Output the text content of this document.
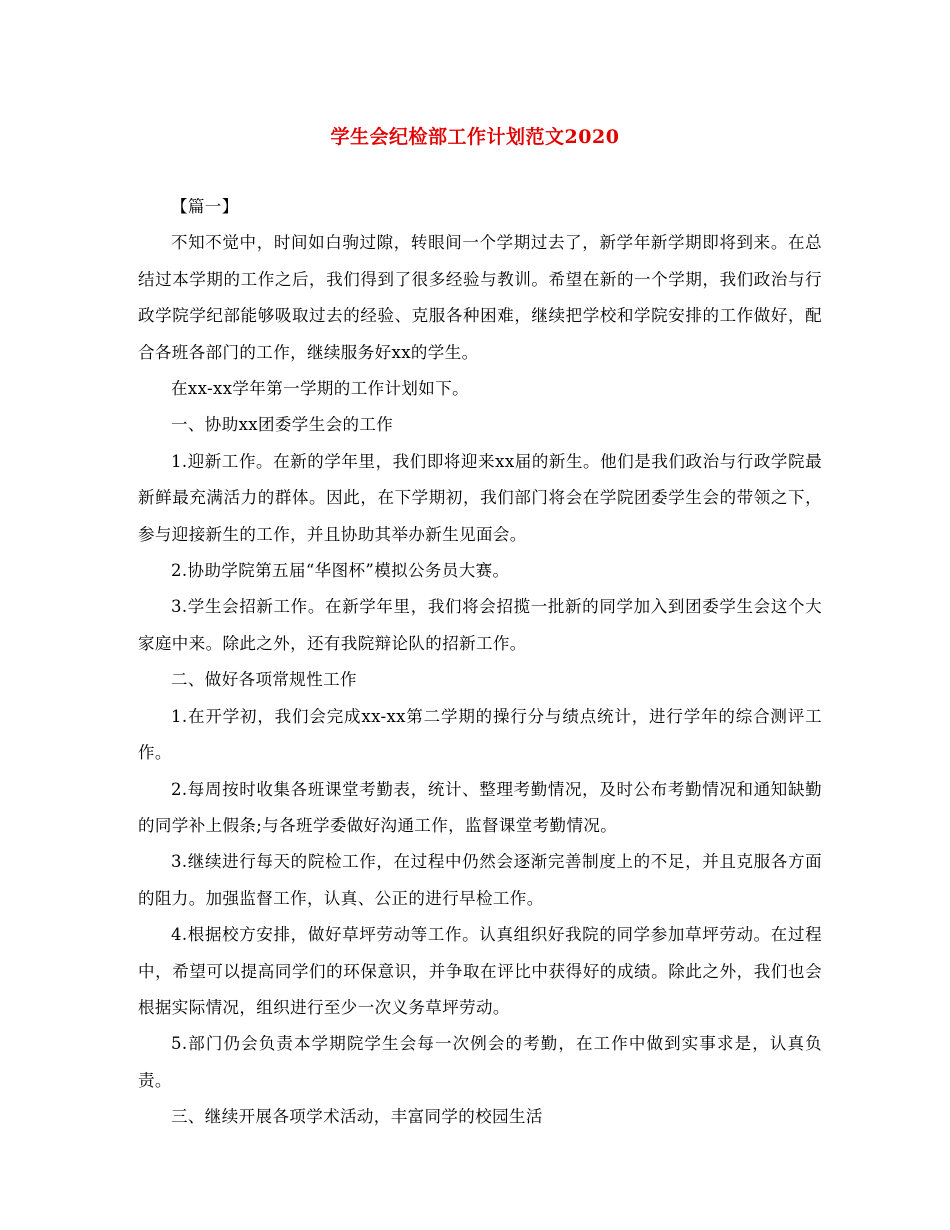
学生会纪检部工作计划范文2020

【篇一】

不知不觉中，时间如白驹过隙，转眼间一个学期过去了，新学年新学期即将到来。在总结过本学期的工作之后，我们得到了很多经验与教训。希望在新的一个学期，我们政治与行政学院学纪部能够吸取过去的经验、克服各种困难，继续把学校和学院安排的工作做好，配合各班各部门的工作，继续服务好xx的学生。

在xx-xx学年第一学期的工作计划如下。

一、协助xx团委学生会的工作

1.迎新工作。在新的学年里，我们即将迎来xx届的新生。他们是我们政治与行政学院最新鲜最充满活力的群体。因此，在下学期初，我们部门将会在学院团委学生会的带领之下，参与迎接新生的工作，并且协助其举办新生见面会。

2.协助学院第五届“华图杯”模拟公务员大赛。

3.学生会招新工作。在新学年里，我们将会招揽一批新的同学加入到团委学生会这个大家庭中来。除此之外，还有我院辩论队的招新工作。

二、做好各项常规性工作

1.在开学初，我们会完成xx-xx第二学期的操行分与绩点统计，进行学年的综合测评工作。

2.每周按时收集各班课堂考勤表，统计、整理考勤情况，及时公布考勤情况和通知缺勤的同学补上假条;与各班学委做好沟通工作，监督课堂考勤情况。

3.继续进行每天的院检工作，在过程中仍然会逐渐完善制度上的不足，并且克服各方面的阻力。加强监督工作，认真、公正的进行早检工作。

4.根据校方安排，做好草坪劳动等工作。认真组织好我院的同学参加草坪劳动。在过程中，希望可以提高同学们的环保意识，并争取在评比中获得好的成绩。除此之外，我们也会根据实际情况，组织进行至少一次义务草坪劳动。

5.部门仍会负责本学期院学生会每一次例会的考勤，在工作中做到实事求是，认真负责。

三、继续开展各项学术活动，丰富同学的校园生活
